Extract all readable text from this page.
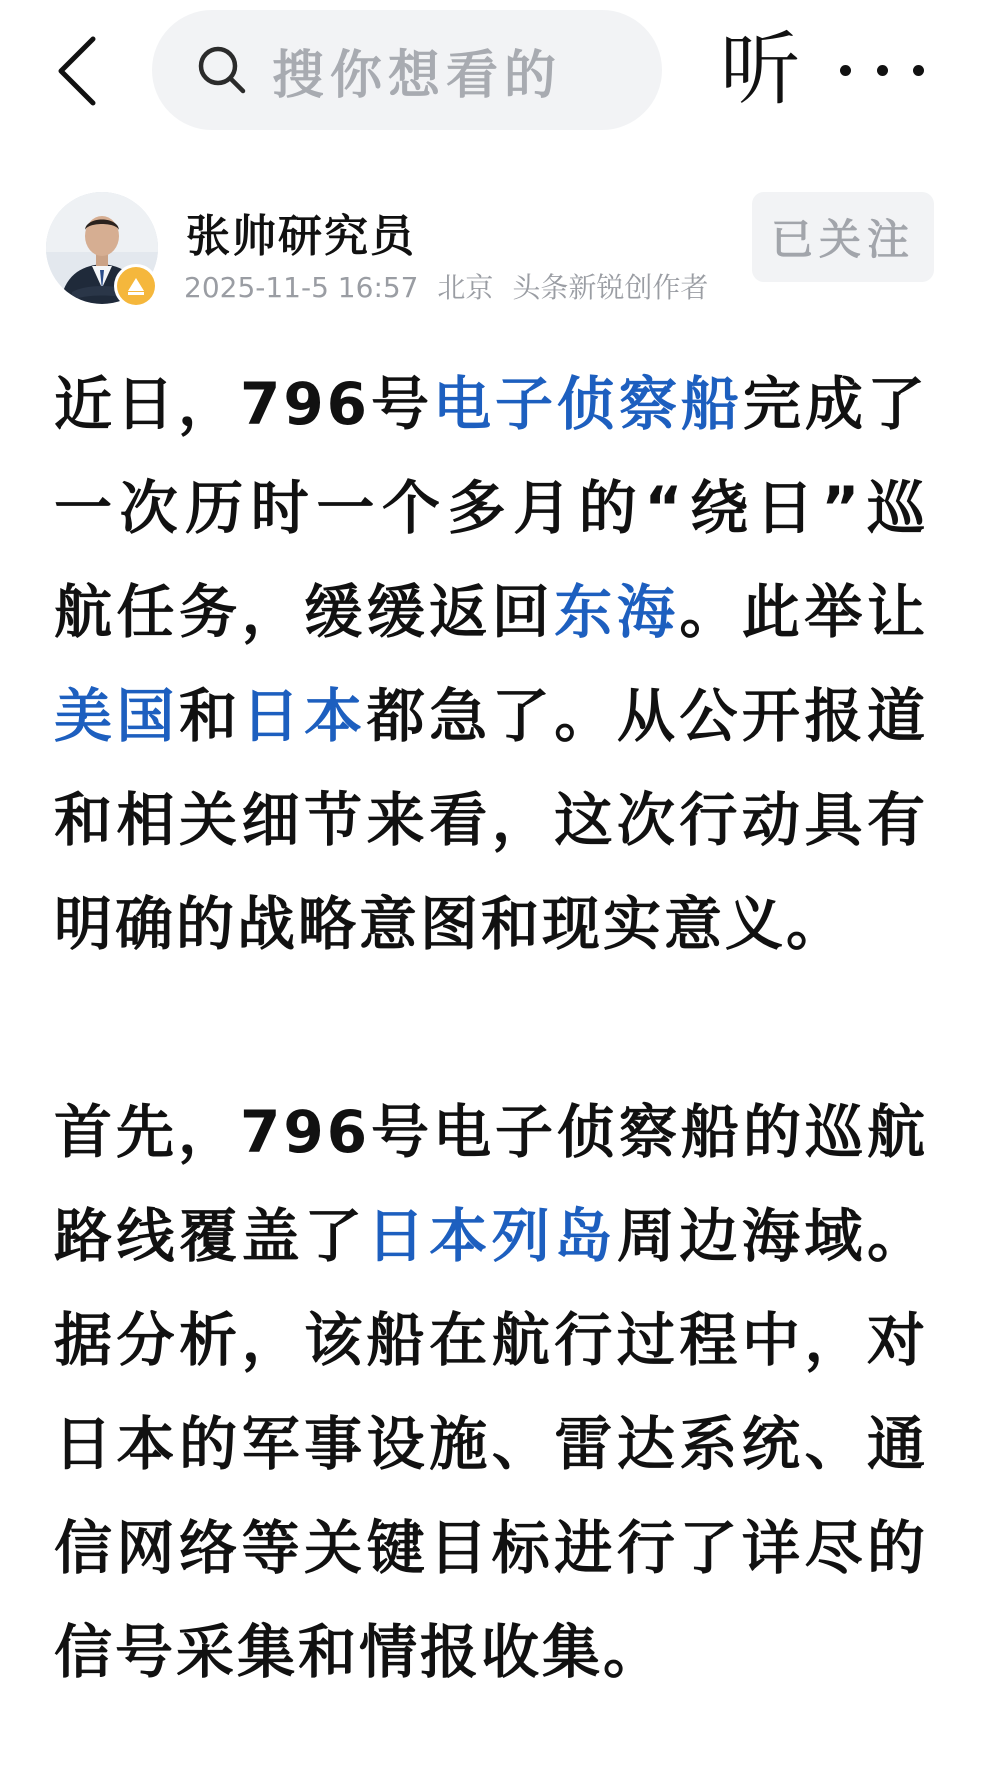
搜你想看的 听
张帅研究员
2025-11-5 16:57 北京 头条新锐创作者
已关注

近日，796号电子侦察船完成了一次历时一个多月的“绕日”巡航任务，缓缓返回东海。此举让美国和日本都急了。从公开报道和相关细节来看，这次行动具有明确的战略意图和现实意义。

首先，796号电子侦察船的巡航路线覆盖了日本列岛周边海域。据分析，该船在航行过程中，对日本的军事设施、雷达系统、通信网络等关键目标进行了详尽的信号采集和情报收集。
